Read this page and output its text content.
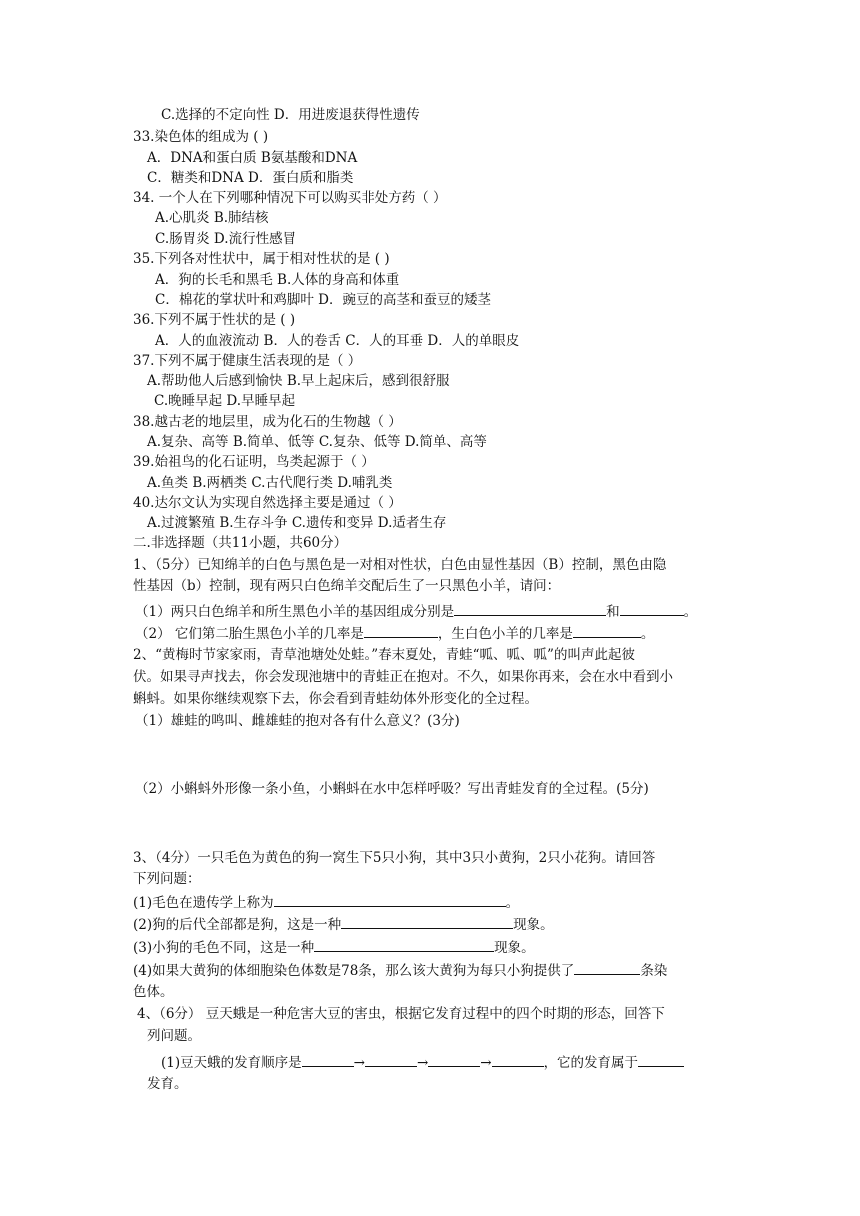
C.选择的不定向性 D．用进废退获得性遗传
33.染色体的组成为 ( )
A．DNA和蛋白质 B氨基酸和DNA
C．糖类和DNA D．蛋白质和脂类
34. 一个人在下列哪种情况下可以购买非处方药（ ）
A.心肌炎 B.肺结核
C.肠胃炎 D.流行性感冒
35.下列各对性状中，属于相对性状的是 ( )
A．狗的长毛和黑毛 B.人体的身高和体重
C．棉花的掌状叶和鸡脚叶 D．豌豆的高茎和蚕豆的矮茎
36.下列不属于性状的是 ( )
A．人的血液流动 B．人的卷舌 C．人的耳垂 D．人的单眼皮
37.下列不属于健康生活表现的是（ ）
A.帮助他人后感到愉快 B.早上起床后，感到很舒服
C.晚睡早起 D.早睡早起
38.越古老的地层里，成为化石的生物越（ ）
A.复杂、高等 B.简单、低等 C.复杂、低等 D.简单、高等
39.始祖鸟的化石证明，鸟类起源于（ ）
A.鱼类 B.两栖类 C.古代爬行类 D.哺乳类
40.达尔文认为实现自然选择主要是通过（ ）
A.过渡繁殖 B.生存斗争 C.遗传和变异 D.适者生存
二.非选择题（共11小题，共60分）
1、（5分）已知绵羊的白色与黑色是一对相对性状，白色由显性基因（B）控制，黑色由隐
性基因（b）控制，现有两只白色绵羊交配后生了一只黑色小羊，请问：
（1）两只白色绵羊和所生黑色小羊的基因组成分别是	和	。
（2） 它们第二胎生黑色小羊的几率是	，生白色小羊的几率是	。
2、“黄梅时节家家雨，青草池塘处处蛙。”春末夏处，青蛙“呱、呱、呱”的叫声此起彼
伏。如果寻声找去，你会发现池塘中的青蛙正在抱对。不久，如果你再来，会在水中看到小
蝌蚪。如果你继续观察下去，你会看到青蛙幼体外形变化的全过程。
（1）雄蛙的鸣叫、雌雄蛙的抱对各有什么意义？(3分)
（2）小蝌蚪外形像一条小鱼，小蝌蚪在水中怎样呼吸？写出青蛙发育的全过程。(5分)
3、（4分）一只毛色为黄色的狗一窝生下5只小狗，其中3只小黄狗，2只小花狗。请回答
下列问题：
(1)毛色在遗传学上称为	。
(2)狗的后代全部都是狗，这是一种	现象。
(3)小狗的毛色不同，这是一种	现象。
(4)如果大黄狗的体细胞染色体数是78条，那么该大黄狗为每只小狗提供了	条染
色体。
4、（6分） 豆天蛾是一种危害大豆的害虫，根据它发育过程中的四个时期的形态，回答下
列问题。
(1)豆天蛾的发育顺序是	→	→	→	，它的发育属于
发育。
